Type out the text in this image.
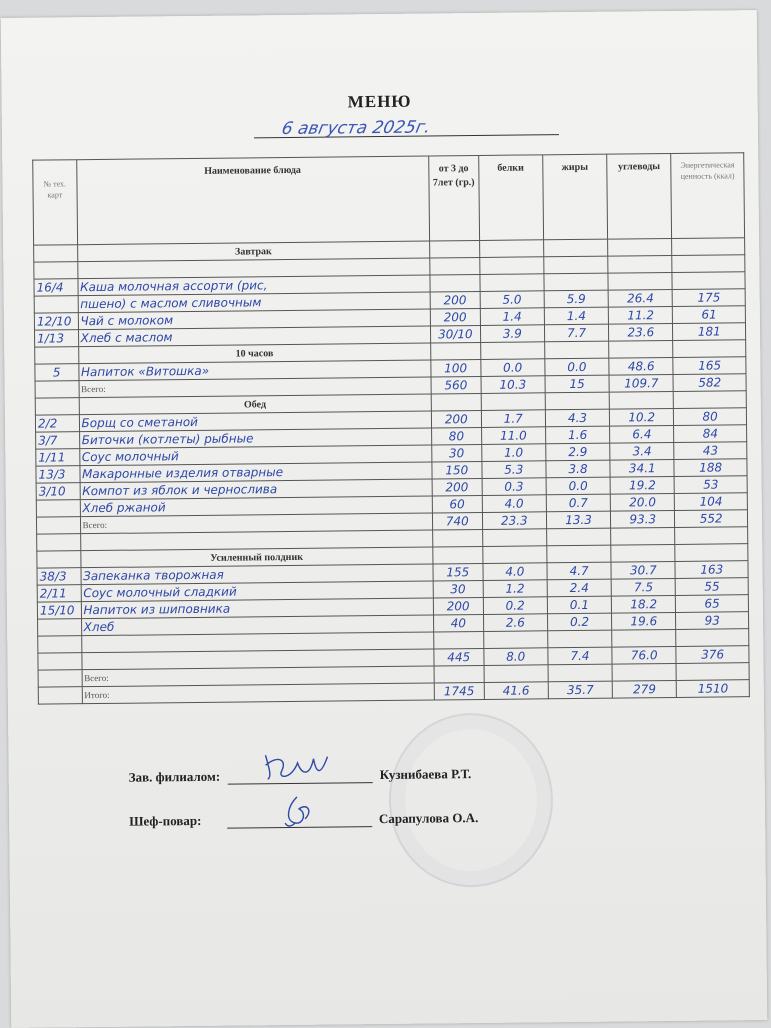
МЕНЮ
6 августа 2025г.
№ тех. карт	Наименование блюда	от 3 до 7лет (гр.)	белки	жиры	углеводы	Энергетическая ценность (ккал)
	Завтрак					

16/4	Каша молочная ассорти (рис,					
	пшено) с маслом сливочным	200	5.0	5.9	26.4	175
12/10	Чай с молоком	200	1.4	1.4	11.2	61
1/13	Хлеб с маслом	30/10	3.9	7.7	23.6	181
	10 часов					
5	Напиток «Витошка»	100	0.0	0.0	48.6	165
	Всего:	560	10.3	15	109.7	582
	Обед					
2/2	Борщ со сметаной	200	1.7	4.3	10.2	80
3/7	Биточки (котлеты) рыбные	80	11.0	1.6	6.4	84
1/11	Соус молочный	30	1.0	2.9	3.4	43
13/3	Макаронные изделия отварные	150	5.3	3.8	34.1	188
3/10	Компот из яблок и чернослива	200	0.3	0.0	19.2	53
	Хлеб ржаной	60	4.0	0.7	20.0	104
	Всего:	740	23.3	13.3	93.3	552

	Усиленный полдник					
38/3	Запеканка творожная	155	4.0	4.7	30.7	163
2/11	Соус молочный сладкий	30	1.2	2.4	7.5	55
15/10	Напиток из шиповника	200	0.2	0.1	18.2	65
	Хлеб	40	2.6	0.2	19.6	93

		445	8.0	7.4	76.0	376
	Всего:					
	Итого:	1745	41.6	35.7	279	1510
Зав. филиалом:	Кузнибаева Р.Т.
Шеф-повар:	Сарапулова О.А.
